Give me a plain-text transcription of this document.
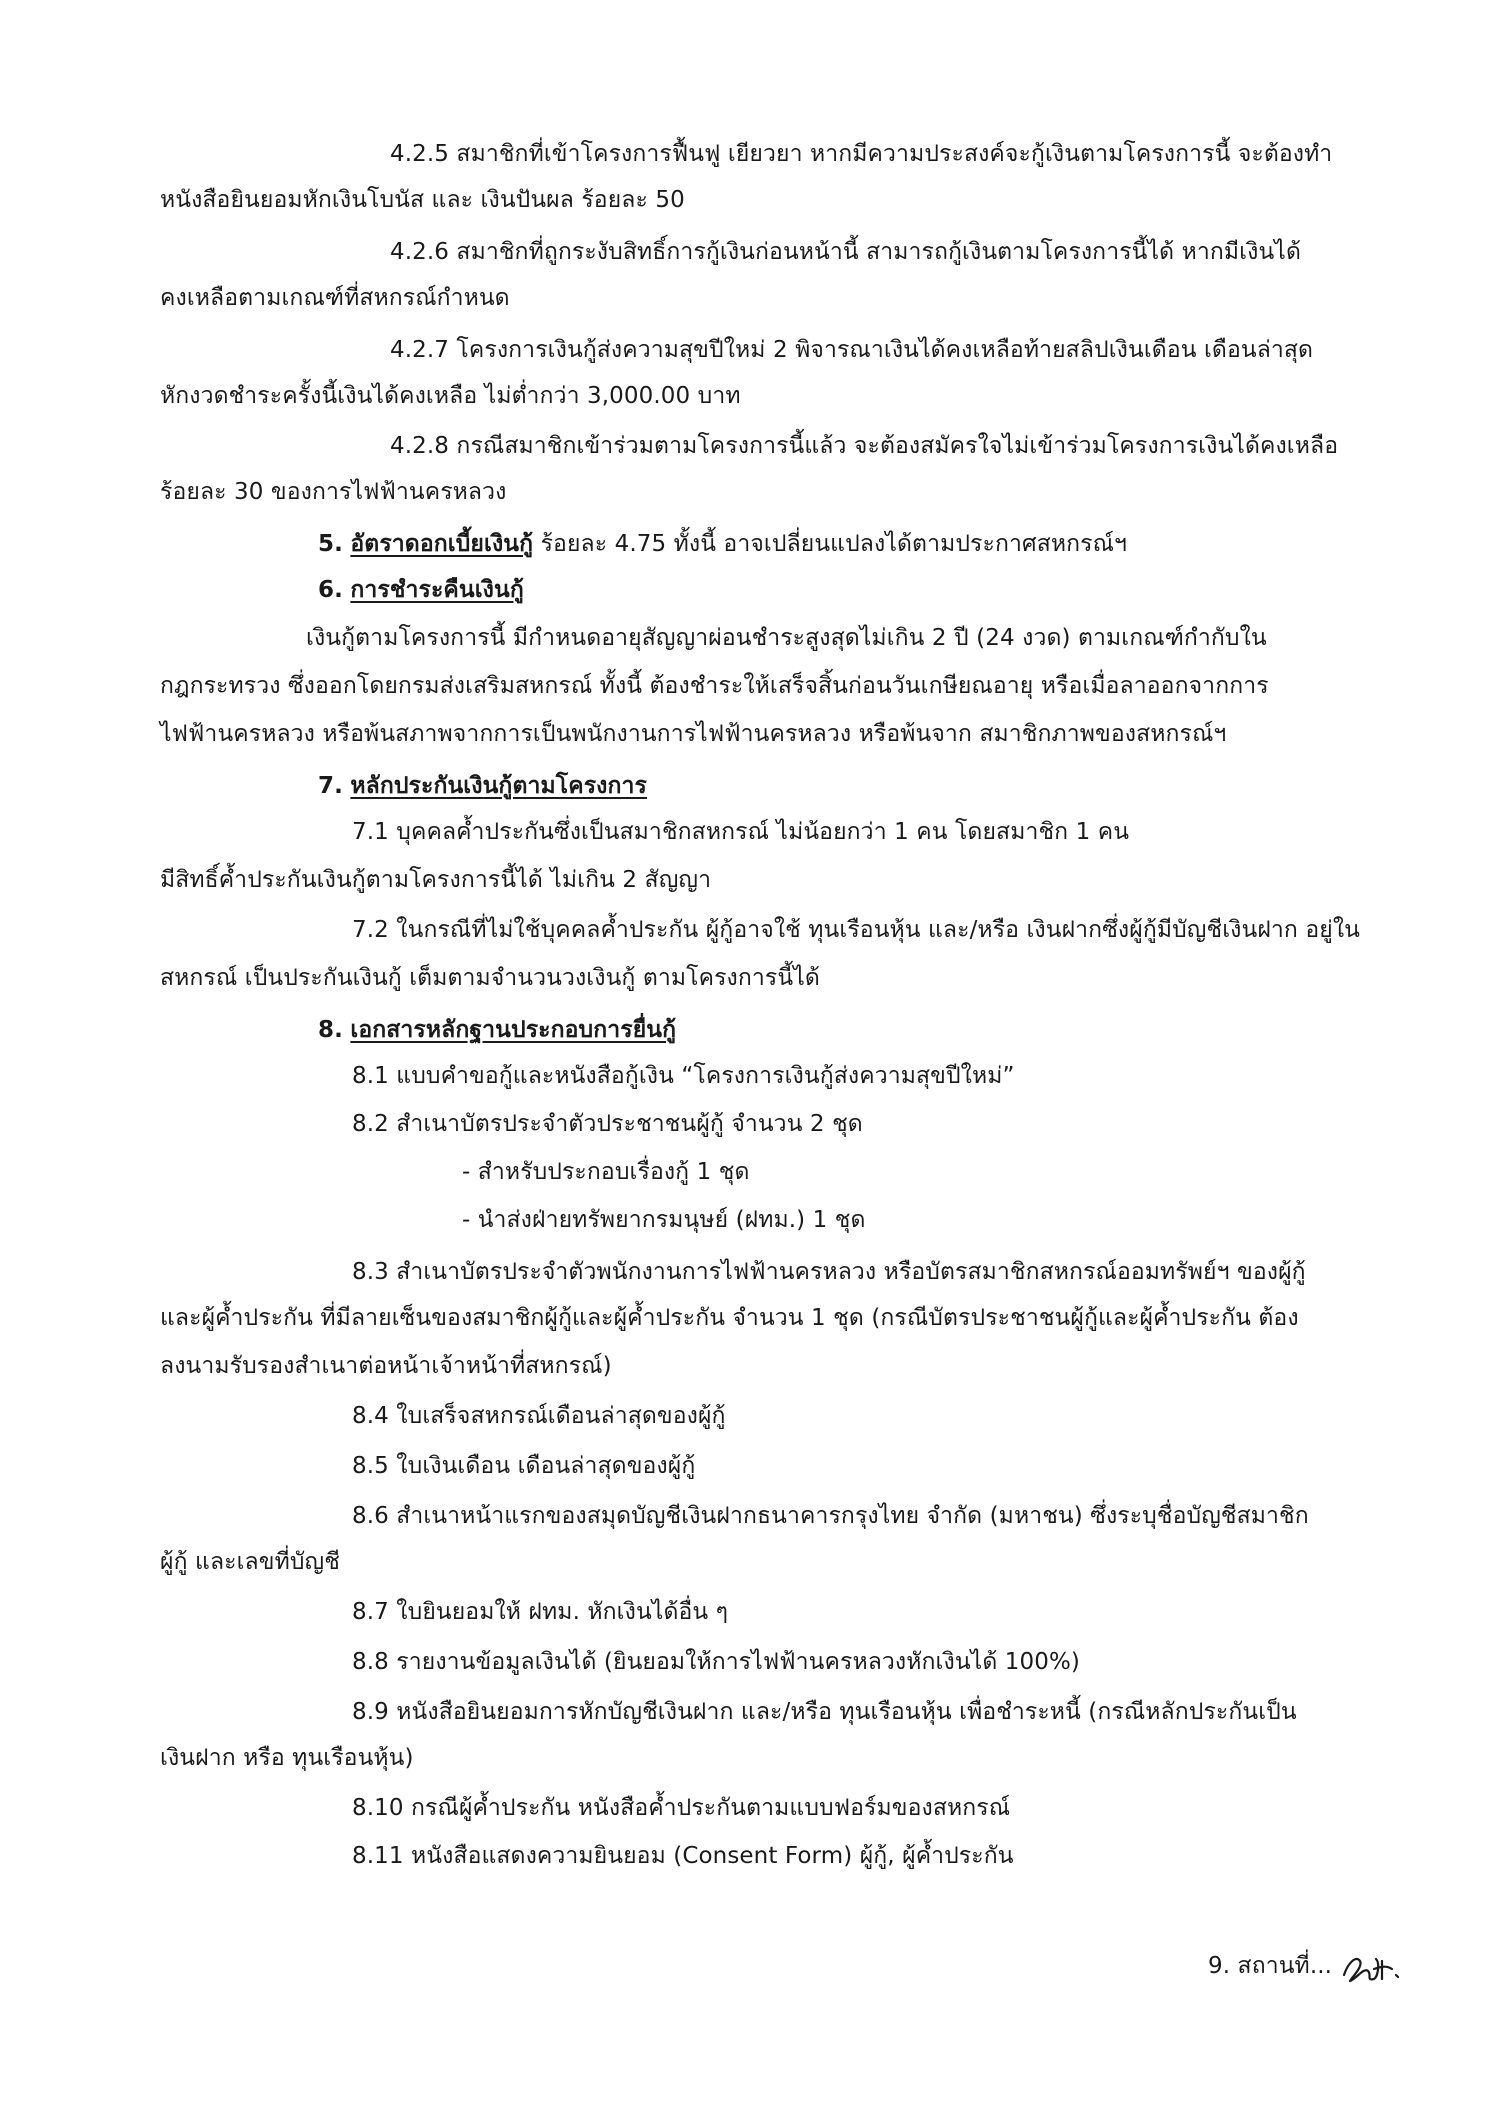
4.2.5 สมาชิกที่เข้าโครงการฟื้นฟู เยียวยา หากมีความประสงค์จะกู้เงินตามโครงการนี้ จะต้องทำ
หนังสือยินยอมหักเงินโบนัส และ เงินปันผล ร้อยละ 50
4.2.6 สมาชิกที่ถูกระงับสิทธิ์การกู้เงินก่อนหน้านี้ สามารถกู้เงินตามโครงการนี้ได้ หากมีเงินได้
คงเหลือตามเกณฑ์ที่สหกรณ์กำหนด
4.2.7 โครงการเงินกู้ส่งความสุขปีใหม่ 2 พิจารณาเงินได้คงเหลือท้ายสลิปเงินเดือน เดือนล่าสุด
หักงวดชำระครั้งนี้เงินได้คงเหลือ ไม่ต่ำกว่า 3,000.00 บาท
4.2.8 กรณีสมาชิกเข้าร่วมตามโครงการนี้แล้ว จะต้องสมัครใจไม่เข้าร่วมโครงการเงินได้คงเหลือ
ร้อยละ 30 ของการไฟฟ้านครหลวง
5. อัตราดอกเบี้ยเงินกู้ ร้อยละ 4.75 ทั้งนี้ อาจเปลี่ยนแปลงได้ตามประกาศสหกรณ์ฯ
6. การชำระคืนเงินกู้
เงินกู้ตามโครงการนี้ มีกำหนดอายุสัญญาผ่อนชำระสูงสุดไม่เกิน 2 ปี (24 งวด) ตามเกณฑ์กำกับใน
กฎกระทรวง ซึ่งออกโดยกรมส่งเสริมสหกรณ์ ทั้งนี้ ต้องชำระให้เสร็จสิ้นก่อนวันเกษียณอายุ หรือเมื่อลาออกจากการ
ไฟฟ้านครหลวง หรือพ้นสภาพจากการเป็นพนักงานการไฟฟ้านครหลวง หรือพ้นจาก สมาชิกภาพของสหกรณ์ฯ
7. หลักประกันเงินกู้ตามโครงการ
7.1 บุคคลค้ำประกันซึ่งเป็นสมาชิกสหกรณ์ ไม่น้อยกว่า 1 คน โดยสมาชิก 1 คน
มีสิทธิ์ค้ำประกันเงินกู้ตามโครงการนี้ได้ ไม่เกิน 2 สัญญา
7.2 ในกรณีที่ไม่ใช้บุคคลค้ำประกัน ผู้กู้อาจใช้ ทุนเรือนหุ้น และ/หรือ เงินฝากซึ่งผู้กู้มีบัญชีเงินฝาก อยู่ใน
สหกรณ์ เป็นประกันเงินกู้ เต็มตามจำนวนวงเงินกู้ ตามโครงการนี้ได้
8. เอกสารหลักฐานประกอบการยื่นกู้
8.1 แบบคำขอกู้และหนังสือกู้เงิน “โครงการเงินกู้ส่งความสุขปีใหม่”
8.2 สำเนาบัตรประจำตัวประชาชนผู้กู้ จำนวน 2 ชุด
- สำหรับประกอบเรื่องกู้ 1 ชุด
- นำส่งฝ่ายทรัพยากรมนุษย์ (ฝทม.) 1 ชุด
8.3 สำเนาบัตรประจำตัวพนักงานการไฟฟ้านครหลวง หรือบัตรสมาชิกสหกรณ์ออมทรัพย์ฯ ของผู้กู้
และผู้ค้ำประกัน ที่มีลายเซ็นของสมาชิกผู้กู้และผู้ค้ำประกัน จำนวน 1 ชุด (กรณีบัตรประชาชนผู้กู้และผู้ค้ำประกัน ต้อง
ลงนามรับรองสำเนาต่อหน้าเจ้าหน้าที่สหกรณ์)
8.4 ใบเสร็จสหกรณ์เดือนล่าสุดของผู้กู้
8.5 ใบเงินเดือน เดือนล่าสุดของผู้กู้
8.6 สำเนาหน้าแรกของสมุดบัญชีเงินฝากธนาคารกรุงไทย จำกัด (มหาชน) ซึ่งระบุชื่อบัญชีสมาชิก
ผู้กู้ และเลขที่บัญชี
8.7 ใบยินยอมให้ ฝทม. หักเงินได้อื่น ๆ
8.8 รายงานข้อมูลเงินได้ (ยินยอมให้การไฟฟ้านครหลวงหักเงินได้ 100%)
8.9 หนังสือยินยอมการหักบัญชีเงินฝาก และ/หรือ ทุนเรือนหุ้น เพื่อชำระหนี้ (กรณีหลักประกันเป็น
เงินฝาก หรือ ทุนเรือนหุ้น)
8.10 กรณีผู้ค้ำประกัน หนังสือค้ำประกันตามแบบฟอร์มของสหกรณ์
8.11 หนังสือแสดงความยินยอม (Consent Form) ผู้กู้, ผู้ค้ำประกัน
9. สถานที่...
